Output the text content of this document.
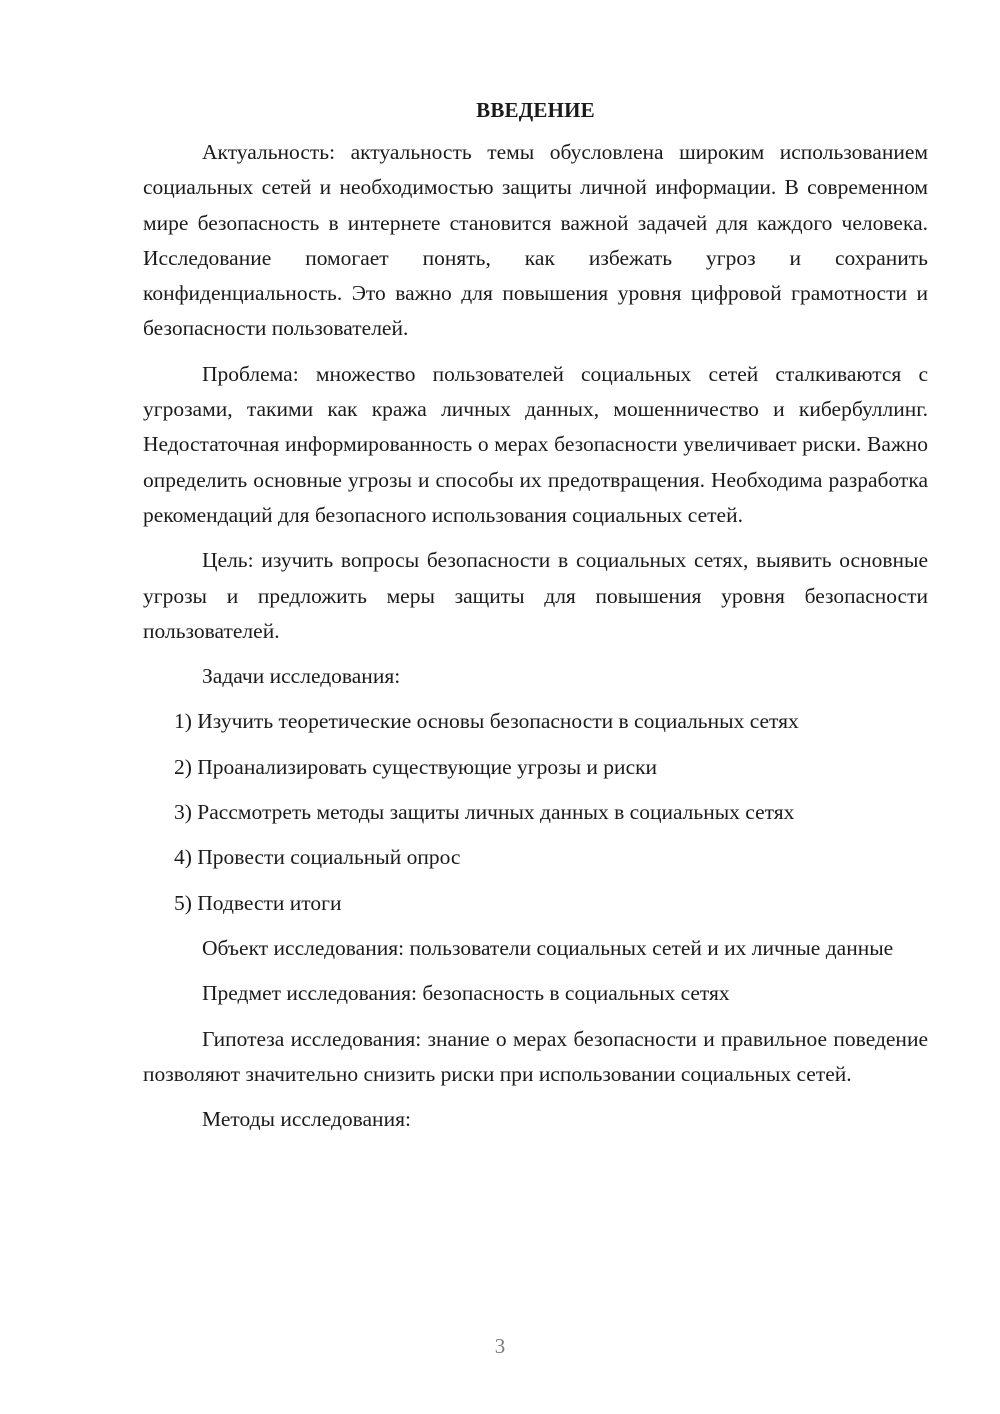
ВВЕДЕНИЕ

Актуальность: актуальность темы обусловлена широким использованием социальных сетей и необходимостью защиты личной информации. В современном мире безопасность в интернете становится важной задачей для каждого человека. Исследование помогает понять, как избежать угроз и сохранить конфиденциальность. Это важно для повышения уровня цифровой грамотности и безопасности пользователей.

Проблема: множество пользователей социальных сетей сталкиваются с угрозами, такими как кража личных данных, мошенничество и кибербуллинг. Недостаточная информированность о мерах безопасности увеличивает риски. Важно определить основные угрозы и способы их предотвращения. Необходима разработка рекомендаций для безопасного использования социальных сетей.

Цель: изучить вопросы безопасности в социальных сетях, выявить основные угрозы и предложить меры защиты для повышения уровня безопасности пользователей.

Задачи исследования:

1) Изучить теоретические основы безопасности в социальных сетях

2) Проанализировать существующие угрозы и риски

3) Рассмотреть методы защиты личных данных в социальных сетях

4) Провести социальный опрос

5) Подвести итоги

Объект исследования: пользователи социальных сетей и их личные данные

Предмет исследования: безопасность в социальных сетях

Гипотеза исследования: знание о мерах безопасности и правильное поведение позволяют значительно снизить риски при использовании социальных сетей.

Методы исследования:

3
